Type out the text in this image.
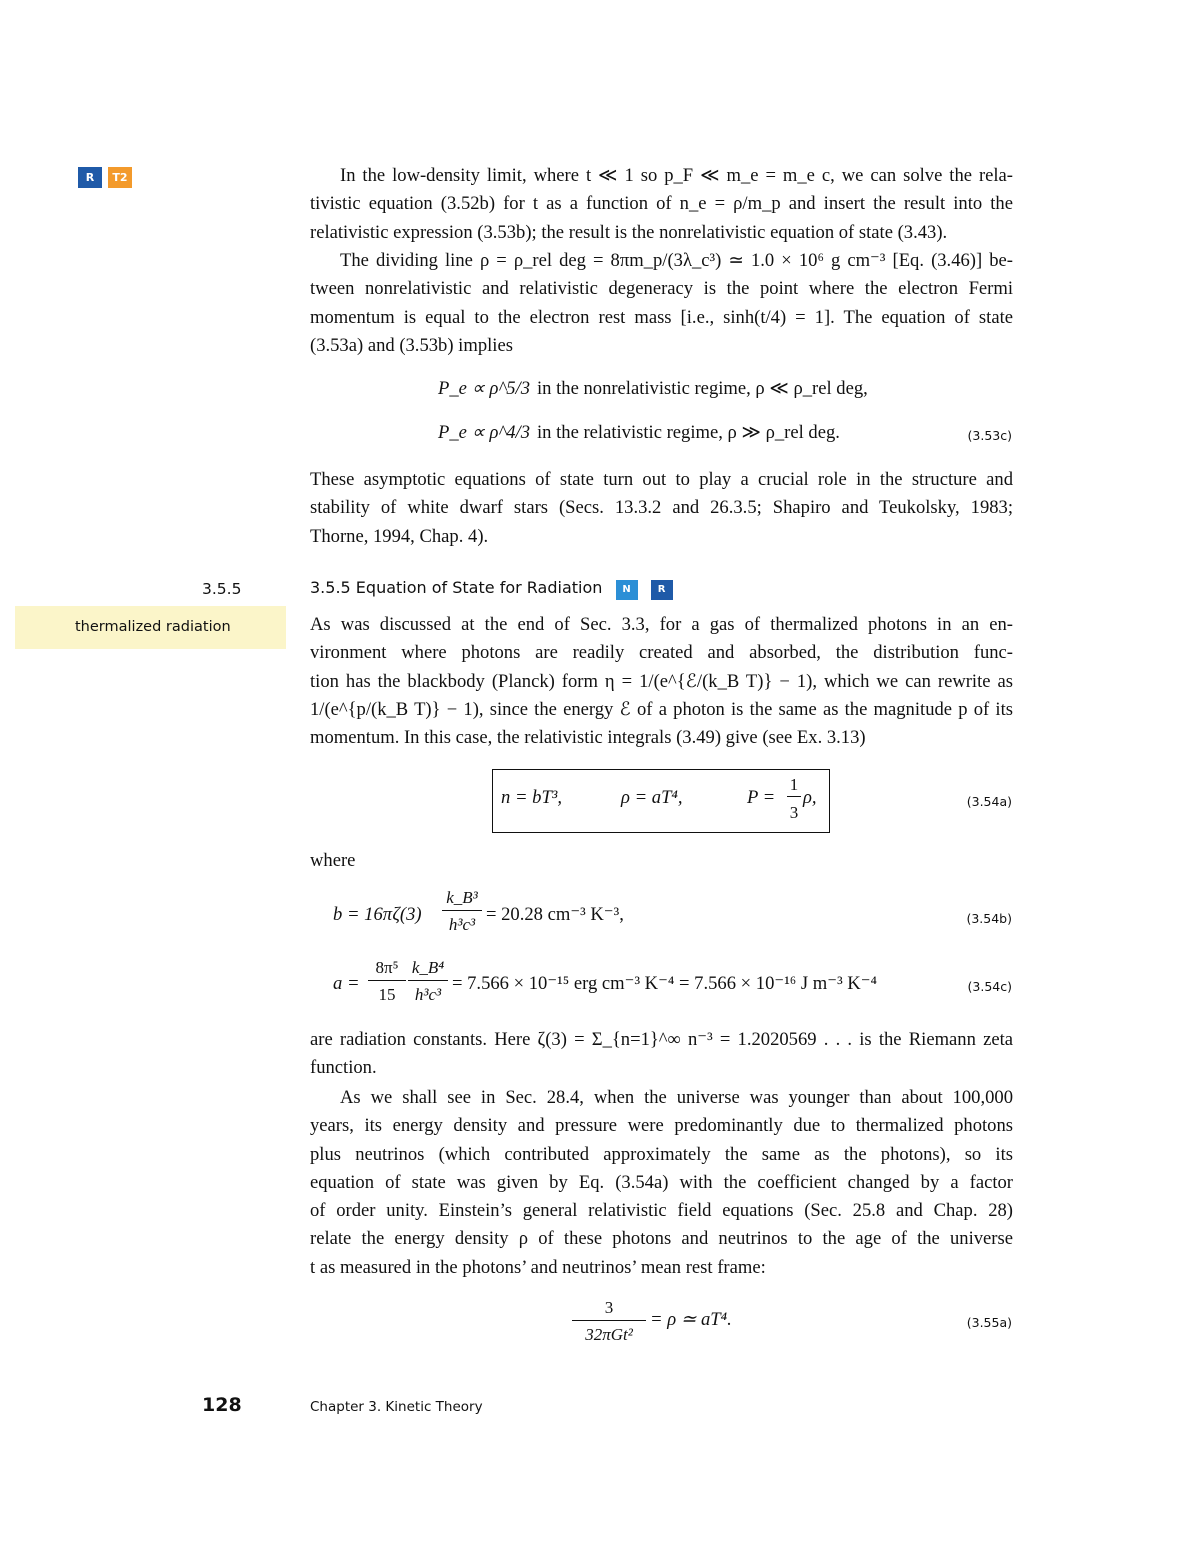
R	T2	In the low-density limit, where t ≪ 1 so p_F ≪ m_e = m_e c, we can solve the rela-
tivistic equation (3.52b) for t as a function of n_e = ρ/m_p and insert the result into the
relativistic expression (3.53b); the result is the nonrelativistic equation of state (3.43).
The dividing line ρ = ρ_rel deg = 8πm_p/(3λ_c³) ≃ 1.0 × 10⁶ g cm⁻³ [Eq. (3.46)] be-
tween nonrelativistic and relativistic degeneracy is the point where the electron Fermi
momentum is equal to the electron rest mass [i.e., sinh(t/4) = 1]. The equation of state
(3.53a) and (3.53b) implies
P_e ∝ ρ^5/3 in the nonrelativistic regime, ρ ≪ ρ_rel deg,
P_e ∝ ρ^4/3 in the relativistic regime, ρ ≫ ρ_rel deg.	(3.53c)
These asymptotic equations of state turn out to play a crucial role in the structure and
stability of white dwarf stars (Secs. 13.3.2 and 26.3.5; Shapiro and Teukolsky, 1983;
Thorne, 1994, Chap. 4).
3.5.5	3.5.5 Equation of State for Radiation N	R
thermalized radiation	As was discussed at the end of Sec. 3.3, for a gas of thermalized photons in an en-
vironment where photons are readily created and absorbed, the distribution func-
tion has the blackbody (Planck) form η = 1/(e^{ℰ/(k_B T)} − 1), which we can rewrite as
1/(e^{p/(k_B T)} − 1), since the energy ℰ of a photon is the same as the magnitude p of its
momentum. In this case, the relativistic integrals (3.49) give (see Ex. 3.13)
n = bT³,	ρ = aT⁴,	P =
1
3
ρ,	(3.54a)
where
b = 16πζ(3)
k_B³
h³c³ = 20.28 cm⁻³ K⁻³,	(3.54b)
a =
8π⁵
15
k_B⁴
h³c³
= 7.566 × 10⁻¹⁵ erg cm⁻³ K⁻⁴ = 7.566 × 10⁻¹⁶ J m⁻³ K⁻⁴	(3.54c)
are radiation constants. Here ζ(3) = Σ_{n=1}^∞ n⁻³ = 1.2020569 . . . is the Riemann zeta
function.
As we shall see in Sec. 28.4, when the universe was younger than about 100,000
years, its energy density and pressure were predominantly due to thermalized photons
plus neutrinos (which contributed approximately the same as the photons), so its
equation of state was given by Eq. (3.54a) with the coefficient changed by a factor
of order unity. Einstein’s general relativistic field equations (Sec. 25.8 and Chap. 28)
relate the energy density ρ of these photons and neutrinos to the age of the universe
t as measured in the photons’ and neutrinos’ mean rest frame:
3
32πGt²
= ρ ≃ aT⁴.	(3.55a)
128	Chapter 3. Kinetic Theory
